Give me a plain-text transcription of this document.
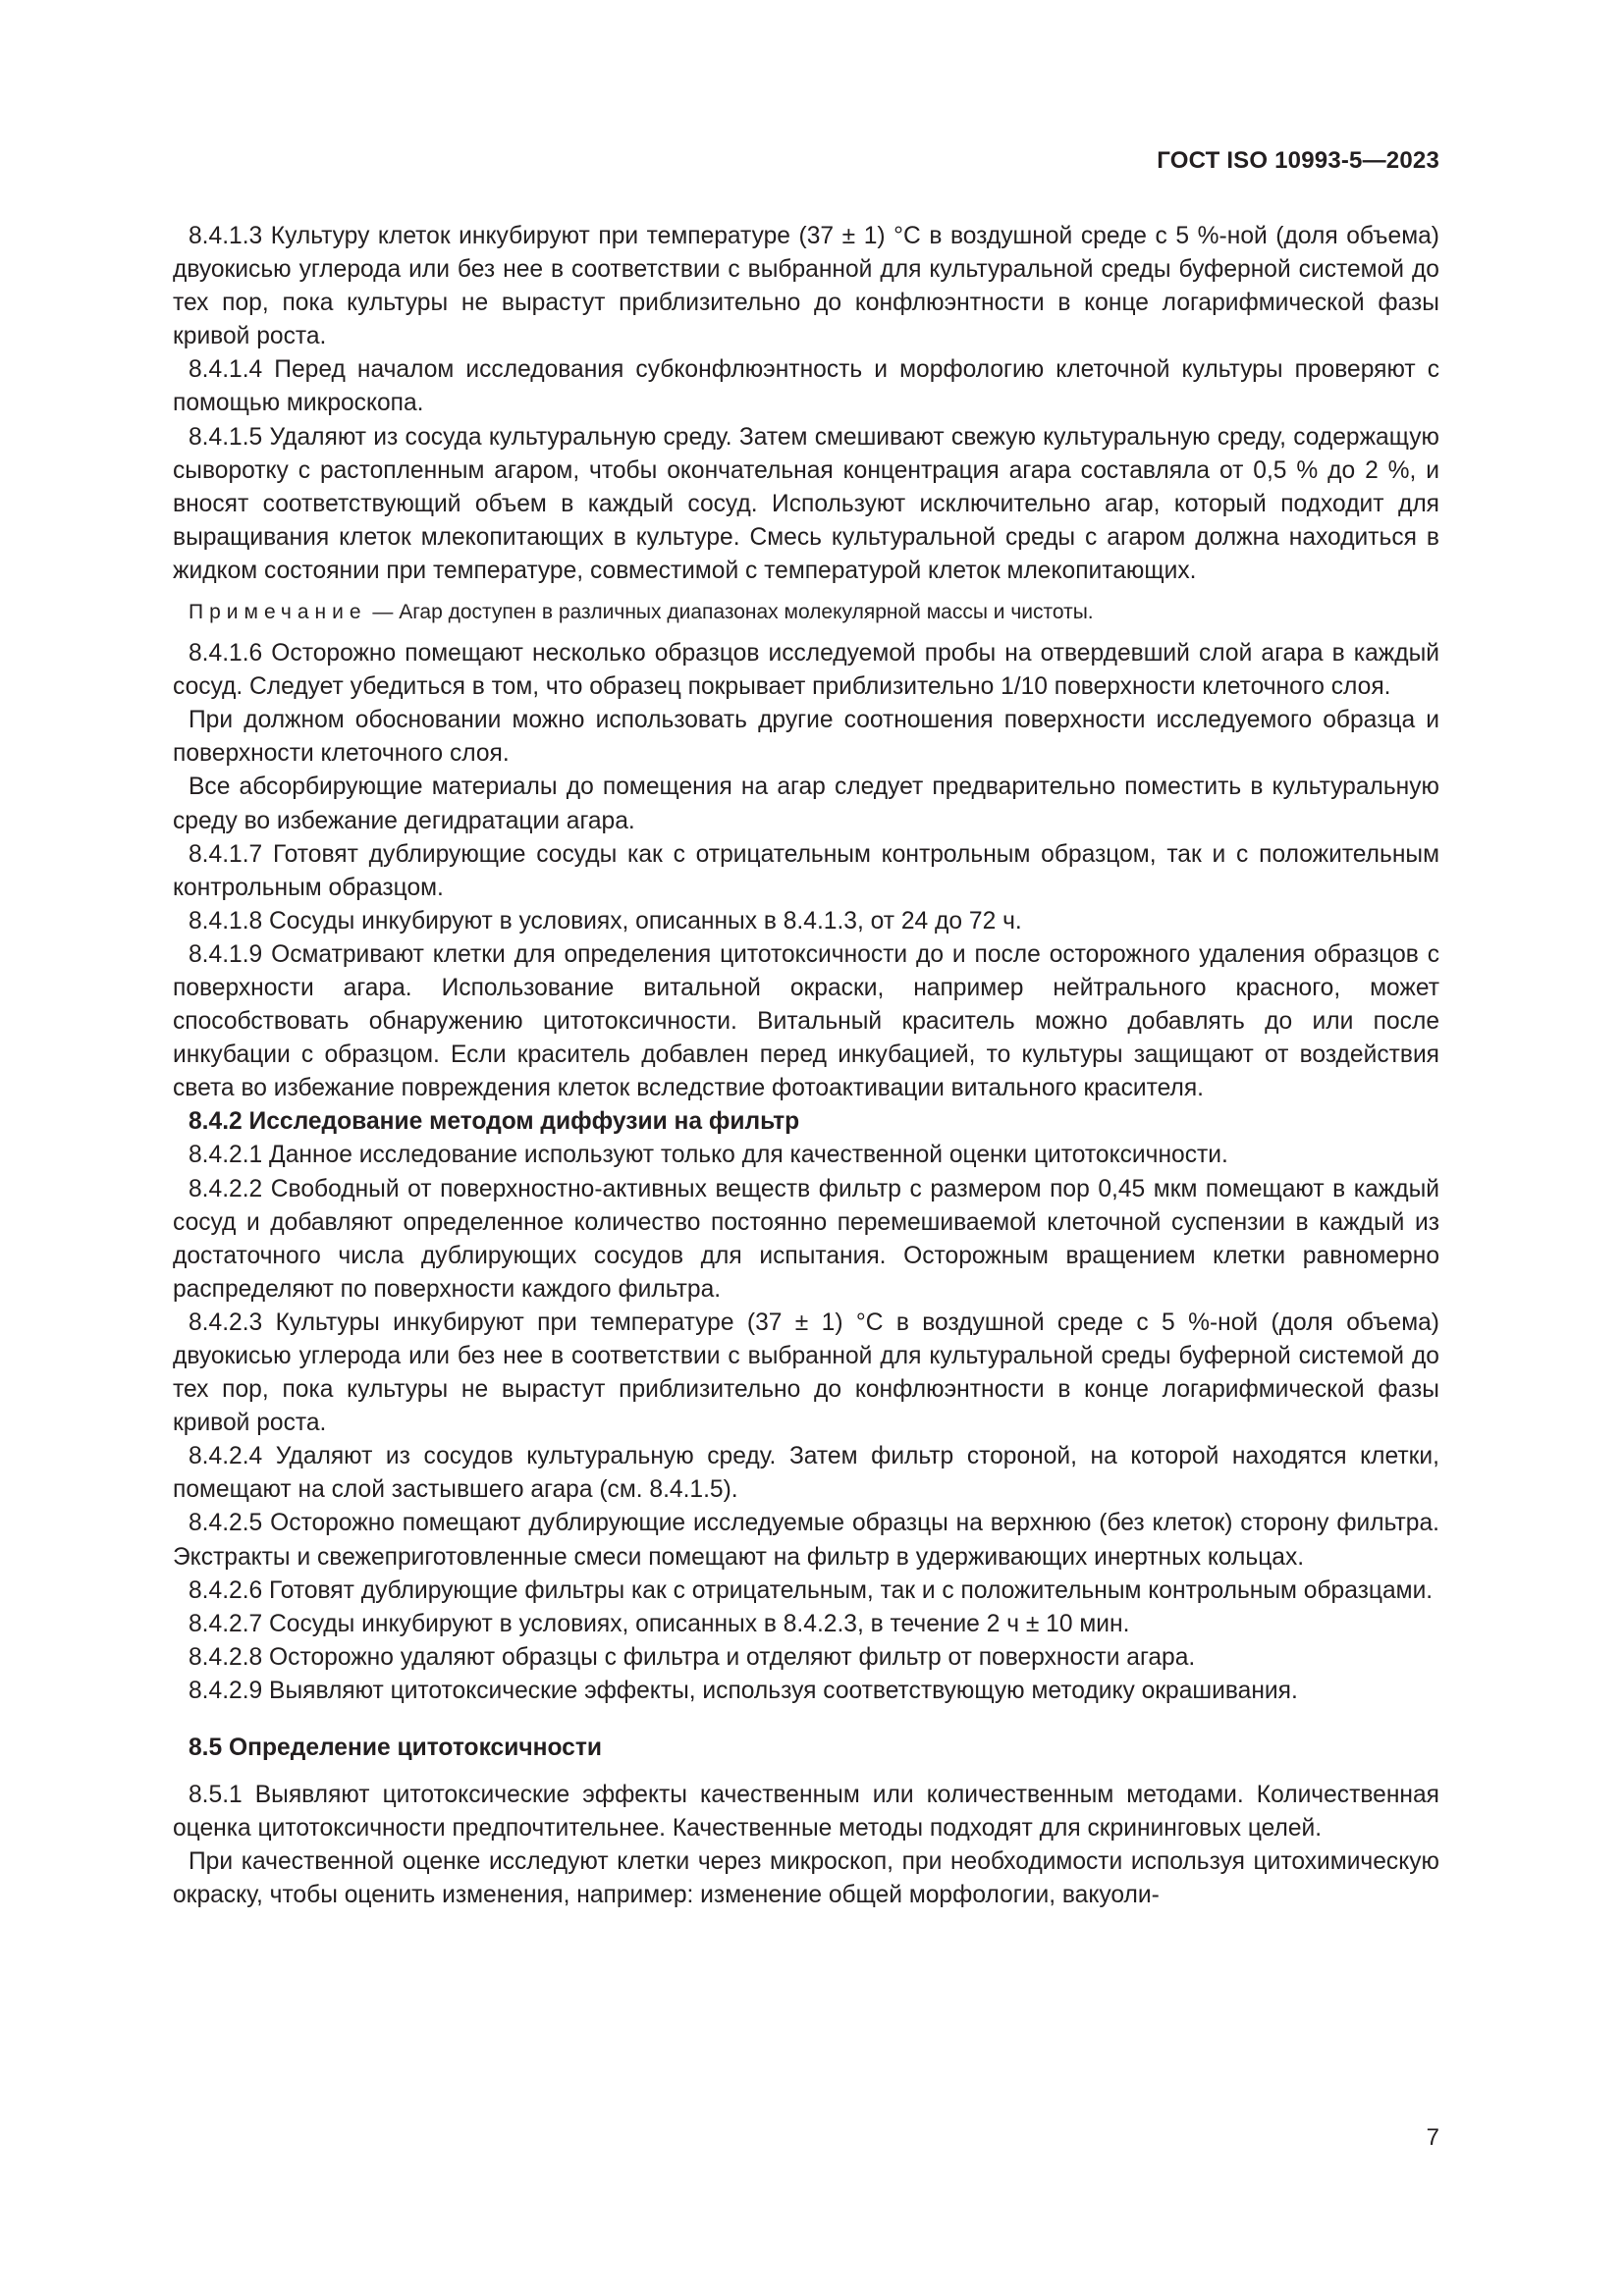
ГОСТ ISO 10993-5—2023

8.4.1.3 Культуру клеток инкубируют при температуре (37 ± 1) °С в воздушной среде с 5 %-ной (доля объема) двуокисью углерода или без нее в соответствии с выбранной для культуральной среды буферной системой до тех пор, пока культуры не вырастут приблизительно до конфлюэнтности в конце логарифмической фазы кривой роста.

8.4.1.4 Перед началом исследования субконфлюэнтность и морфологию клеточной культуры проверяют с помощью микроскопа.

8.4.1.5 Удаляют из сосуда культуральную среду. Затем смешивают свежую культуральную среду, содержащую сыворотку с растопленным агаром, чтобы окончательная концентрация агара составляла от 0,5 % до 2 %, и вносят соответствующий объем в каждый сосуд. Используют исключительно агар, который подходит для выращивания клеток млекопитающих в культуре. Смесь культуральной среды с агаром должна находиться в жидком состоянии при температуре, совместимой с температурой клеток млекопитающих.

Примечание — Агар доступен в различных диапазонах молекулярной массы и чистоты.

8.4.1.6 Осторожно помещают несколько образцов исследуемой пробы на отвердевший слой агара в каждый сосуд. Следует убедиться в том, что образец покрывает приблизительно 1/10 поверхности клеточного слоя.

При должном обосновании можно использовать другие соотношения поверхности исследуемого образца и поверхности клеточного слоя.

Все абсорбирующие материалы до помещения на агар следует предварительно поместить в культуральную среду во избежание дегидратации агара.

8.4.1.7 Готовят дублирующие сосуды как с отрицательным контрольным образцом, так и с положительным контрольным образцом.

8.4.1.8 Сосуды инкубируют в условиях, описанных в 8.4.1.3, от 24 до 72 ч.

8.4.1.9 Осматривают клетки для определения цитотоксичности до и после осторожного удаления образцов с поверхности агара. Использование витальной окраски, например нейтрального красного, может способствовать обнаружению цитотоксичности. Витальный краситель можно добавлять до или после инкубации с образцом. Если краситель добавлен перед инкубацией, то культуры защищают от воздействия света во избежание повреждения клеток вследствие фотоактивации витального красителя.

8.4.2 Исследование методом диффузии на фильтр

8.4.2.1 Данное исследование используют только для качественной оценки цитотоксичности.

8.4.2.2 Свободный от поверхностно-активных веществ фильтр с размером пор 0,45 мкм помещают в каждый сосуд и добавляют определенное количество постоянно перемешиваемой клеточной суспензии в каждый из достаточного числа дублирующих сосудов для испытания. Осторожным вращением клетки равномерно распределяют по поверхности каждого фильтра.

8.4.2.3 Культуры инкубируют при температуре (37 ± 1) °С в воздушной среде с 5 %-ной (доля объема) двуокисью углерода или без нее в соответствии с выбранной для культуральной среды буферной системой до тех пор, пока культуры не вырастут приблизительно до конфлюэнтности в конце логарифмической фазы кривой роста.

8.4.2.4 Удаляют из сосудов культуральную среду. Затем фильтр стороной, на которой находятся клетки, помещают на слой застывшего агара (см. 8.4.1.5).

8.4.2.5 Осторожно помещают дублирующие исследуемые образцы на верхнюю (без клеток) сторону фильтра. Экстракты и свежеприготовленные смеси помещают на фильтр в удерживающих инертных кольцах.

8.4.2.6 Готовят дублирующие фильтры как с отрицательным, так и с положительным контрольным образцами.

8.4.2.7 Сосуды инкубируют в условиях, описанных в 8.4.2.3, в течение 2 ч ± 10 мин.

8.4.2.8 Осторожно удаляют образцы с фильтра и отделяют фильтр от поверхности агара.

8.4.2.9 Выявляют цитотоксические эффекты, используя соответствующую методику окрашивания.

8.5 Определение цитотоксичности

8.5.1 Выявляют цитотоксические эффекты качественным или количественным методами. Количественная оценка цитотоксичности предпочтительнее. Качественные методы подходят для скрининговых целей.

При качественной оценке исследуют клетки через микроскоп, при необходимости используя цитохимическую окраску, чтобы оценить изменения, например: изменение общей морфологии, вакуоли-

7
